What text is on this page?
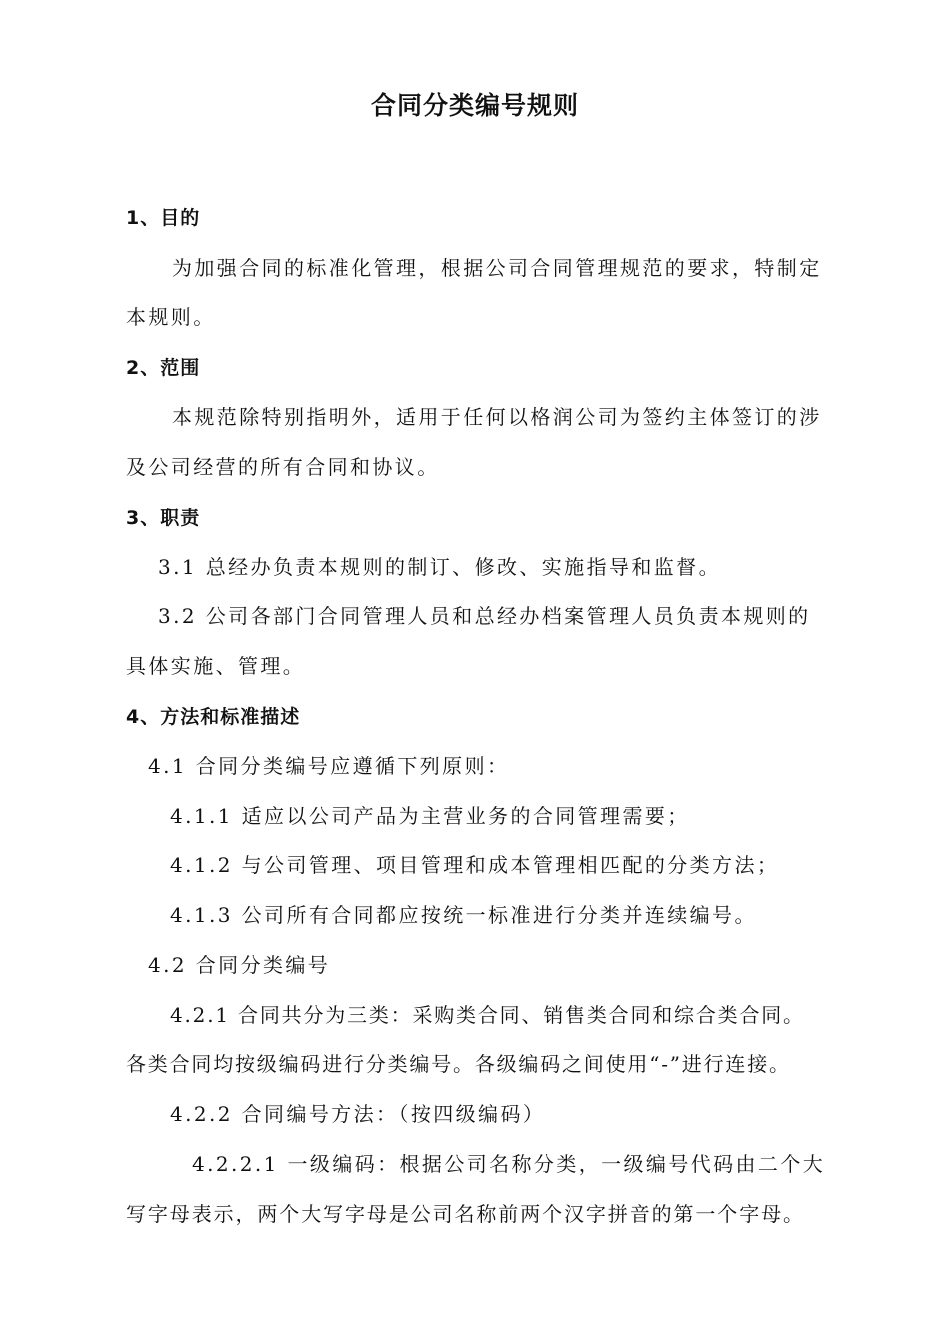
合同分类编号规则
1、目的
为加强合同的标准化管理，根据公司合同管理规范的要求，特制定
本规则。
2、范围
本规范除特别指明外，适用于任何以格润公司为签约主体签订的涉
及公司经营的所有合同和协议。
3、职责
3.1 总经办负责本规则的制订、修改、实施指导和监督。
3.2 公司各部门合同管理人员和总经办档案管理人员负责本规则的
具体实施、管理。
4、方法和标准描述
4.1 合同分类编号应遵循下列原则：
4.1.1 适应以公司产品为主营业务的合同管理需要；
4.1.2 与公司管理、项目管理和成本管理相匹配的分类方法；
4.1.3 公司所有合同都应按统一标准进行分类并连续编号。
4.2 合同分类编号
4.2.1 合同共分为三类：采购类合同、销售类合同和综合类合同。
各类合同均按级编码进行分类编号。各级编码之间使用“-”进行连接。
4.2.2 合同编号方法：（按四级编码）
4.2.2.1 一级编码：根据公司名称分类，一级编号代码由二个大
写字母表示，两个大写字母是公司名称前两个汉字拼音的第一个字母。
